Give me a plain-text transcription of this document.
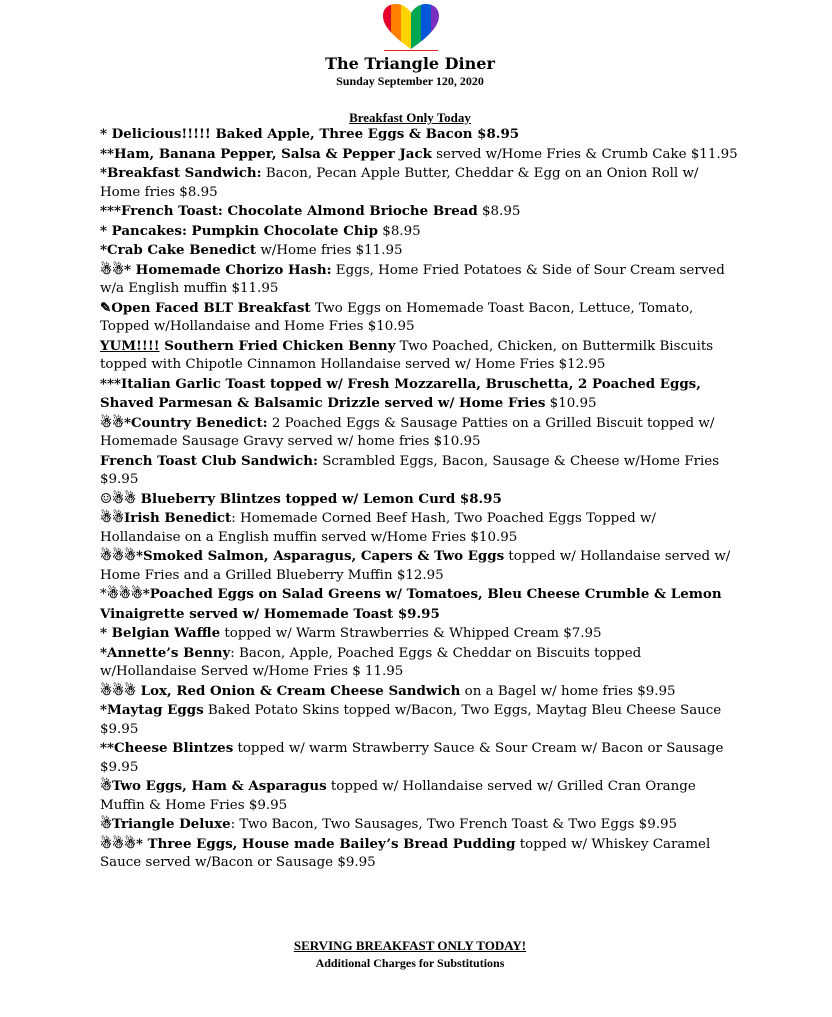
The Triangle Diner
Sunday September 120, 2020
Breakfast Only Today

* Delicious!!!!! Baked Apple, Three Eggs & Bacon $8.95

**Ham, Banana Pepper, Salsa & Pepper Jack served w/Home Fries & Crumb Cake $11.95

*Breakfast Sandwich: Bacon, Pecan Apple Butter, Cheddar & Egg on an Onion Roll w/ Home fries $8.95

***French Toast: Chocolate Almond Brioche Bread $8.95

* Pancakes: Pumpkin Chocolate Chip $8.95

*Crab Cake Benedict w/Home fries $11.95

☃☃* Homemade Chorizo Hash: Eggs, Home Fried Potatoes & Side of Sour Cream served w/a English muffin $11.95

✎Open Faced BLT Breakfast Two Eggs on Homemade Toast Bacon, Lettuce, Tomato, Topped w/Hollandaise and Home Fries $10.95

YUM!!!! Southern Fried Chicken Benny Two Poached, Chicken, on Buttermilk Biscuits topped with Chipotle Cinnamon Hollandaise served w/ Home Fries $12.95

***Italian Garlic Toast topped w/ Fresh Mozzarella, Bruschetta, 2 Poached Eggs, Shaved Parmesan & Balsamic Drizzle served w/ Home Fries $10.95

☃☃*Country Benedict: 2 Poached Eggs & Sausage Patties on a Grilled Biscuit topped w/ Homemade Sausage Gravy served w/ home fries $10.95

French Toast Club Sandwich: Scrambled Eggs, Bacon, Sausage & Cheese w/Home Fries $9.95

☺☃☃ Blueberry Blintzes topped w/ Lemon Curd $8.95

☃☃Irish Benedict: Homemade Corned Beef Hash, Two Poached Eggs Topped w/ Hollandaise on a English muffin served w/Home Fries $10.95

☃☃☃*Smoked Salmon, Asparagus, Capers & Two Eggs topped w/ Hollandaise served w/ Home Fries and a Grilled Blueberry Muffin $12.95

*☃☃☃*Poached Eggs on Salad Greens w/ Tomatoes, Bleu Cheese Crumble & Lemon Vinaigrette served w/ Homemade Toast $9.95

* Belgian Waffle topped w/ Warm Strawberries & Whipped Cream $7.95

*Annette’s Benny: Bacon, Apple, Poached Eggs & Cheddar on Biscuits topped w/Hollandaise Served w/Home Fries $ 11.95

☃☃☃ Lox, Red Onion & Cream Cheese Sandwich on a Bagel w/ home fries $9.95

*Maytag Eggs Baked Potato Skins topped w/Bacon, Two Eggs, Maytag Bleu Cheese Sauce $9.95

**Cheese Blintzes topped w/ warm Strawberry Sauce & Sour Cream w/ Bacon or Sausage $9.95

☃Two Eggs, Ham & Asparagus topped w/ Hollandaise served w/ Grilled Cran Orange Muffin & Home Fries $9.95

☃Triangle Deluxe: Two Bacon, Two Sausages, Two French Toast & Two Eggs $9.95

☃☃☃* Three Eggs, House made Bailey’s Bread Pudding topped w/ Whiskey Caramel Sauce served w/Bacon or Sausage $9.95

SERVING BREAKFAST ONLY TODAY!
Additional Charges for Substitutions
